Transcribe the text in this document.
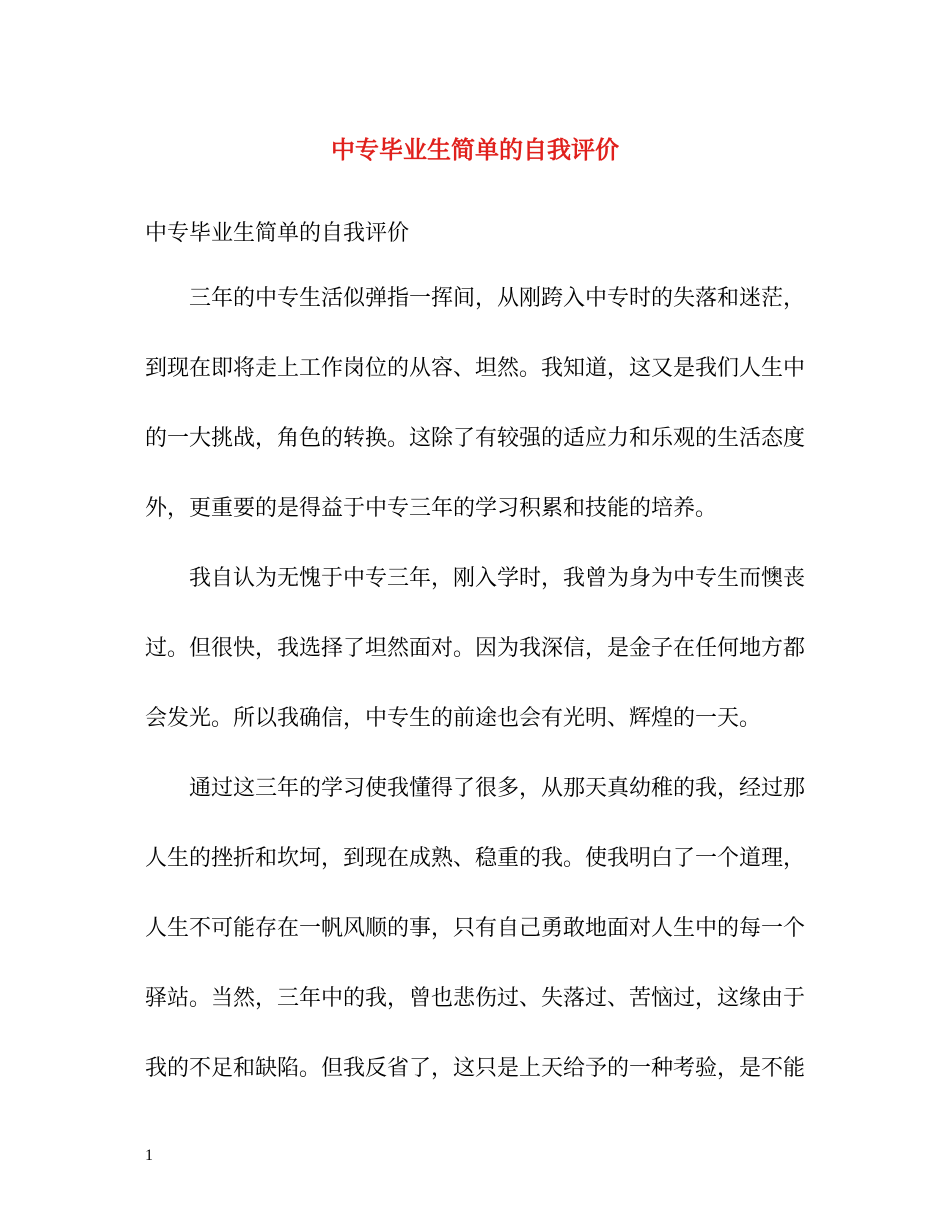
中专毕业生简单的自我评价
中专毕业生简单的自我评价
三年的中专生活似弹指一挥间，从刚跨入中专时的失落和迷茫，
到现在即将走上工作岗位的从容、坦然。我知道，这又是我们人生中
的一大挑战，角色的转换。这除了有较强的适应力和乐观的生活态度
外，更重要的是得益于中专三年的学习积累和技能的培养。
我自认为无愧于中专三年，刚入学时，我曾为身为中专生而懊丧
过。但很快，我选择了坦然面对。因为我深信，是金子在任何地方都
会发光。所以我确信，中专生的前途也会有光明、辉煌的一天。
通过这三年的学习使我懂得了很多，从那天真幼稚的我，经过那
人生的挫折和坎坷，到现在成熟、稳重的我。使我明白了一个道理，
人生不可能存在一帆风顺的事，只有自己勇敢地面对人生中的每一个
驿站。当然，三年中的我，曾也悲伤过、失落过、苦恼过，这缘由于
我的不足和缺陷。但我反省了，这只是上天给予的一种考验，是不能
1
